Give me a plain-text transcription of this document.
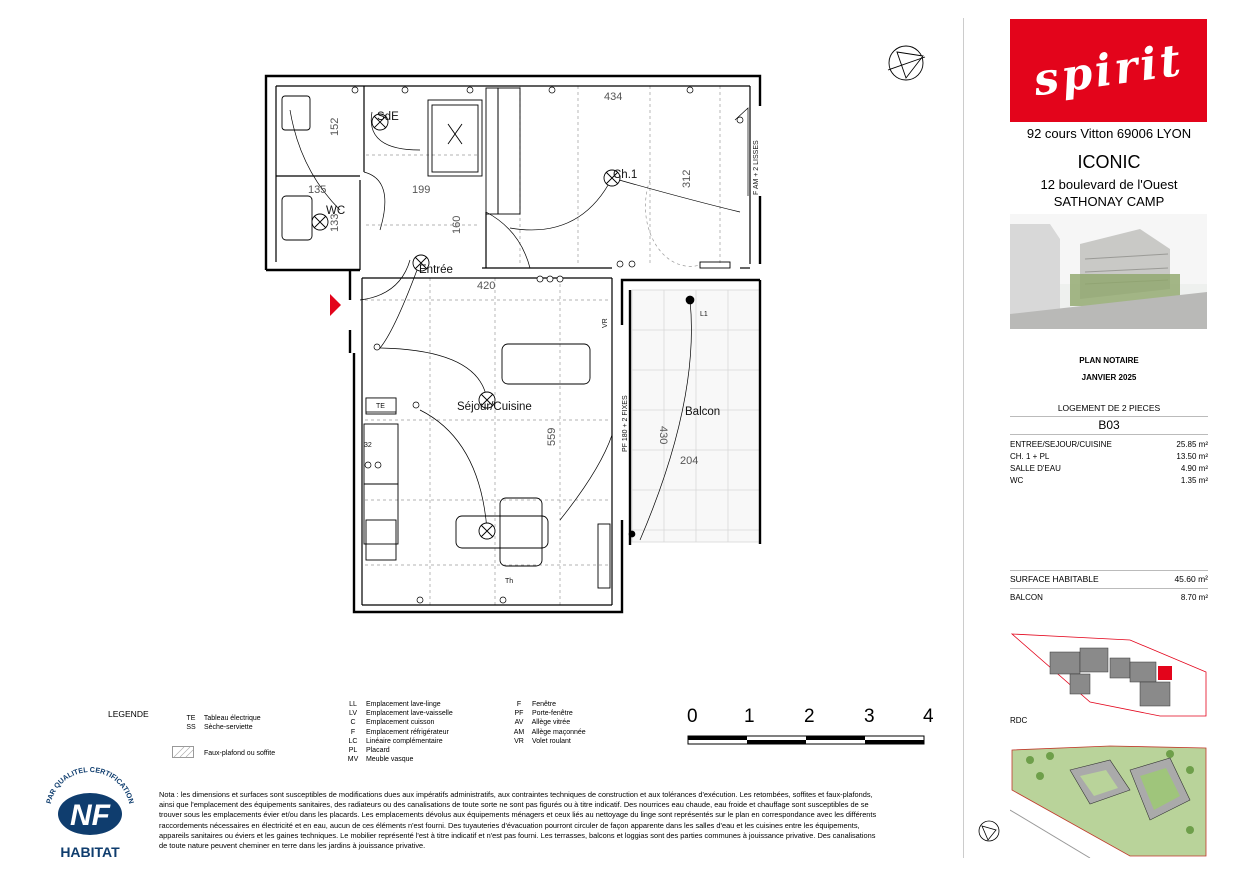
434
135	199
420
204
152
312
160
133
559	430
SdE
Ch.1
WC
Entrée
Séjour/Cuisine	Balcon
F AM + 2 LISSES
PF 180 + 2 FIXES
TE
VR
L1
Th
32
spirit
92 cours Vitton 69006 LYON
ICONIC
12 boulevard de l'Ouest
SATHONAY CAMP
PLAN NOTAIRE
JANVIER 2025
LOGEMENT DE 2 PIECES
B03
ENTREE/SEJOUR/CUISINE	25.85 m²
CH. 1 + PL	13.50 m²
SALLE D'EAU	4.90 m²
WC	1.35 m²
SURFACE HABITABLE	45.60 m²
BALCON	8.70 m²
RDC
LEGENDE	TE Tableau électrique
SS Sèche-serviette
Faux-plafond ou soffite
LL Emplacement lave-linge
LV Emplacement lave-vaisselle
C Emplacement cuisson
F Emplacement réfrigérateur
LC Linéaire complémentaire
PL Placard
MV Meuble vasque
F Fenêtre
PF Porte-fenêtre
AV Allège vitrée
AM Allège maçonnée
VR Volet roulant
0 1	2	3	4
PAR QUALITEL CERTIFICATION
NF
HABITAT
Nota : les dimensions et surfaces sont susceptibles de modifications dues aux impératifs administratifs, aux contraintes techniques de construction et aux tolérances d'exécution. Les retombées, soffites et faux-plafonds, ainsi que l'emplacement des équipements sanitaires, des radiateurs ou des canalisations de toute sorte ne sont pas figurés ou à titre indicatif. Des nourrices eau chaude, eau froide et chauffage sont susceptibles de se trouver sous les emplacements évier et/ou dans les placards. Les emplacements dévolus aux équipements ménagers et ceux liés au nettoyage du linge sont représentés sur le plan en correspondance avec les différents raccordements nécessaires en électricité et en eau, aucun de ces éléments n'est fourni. Des tuyauteries d'évacuation pourront circuler de façon apparente dans les salles d'eau et les cuisines entre les équipements, appareils sanitaires ou éviers et les gaines techniques. Le mobilier représenté l'est à titre indicatif et n'est pas fourni. Les terrasses, balcons et loggias sont des parties communes à jouissance privative. Des canalisations de toute nature peuvent cheminer en terre dans les jardins à jouissance privative.
